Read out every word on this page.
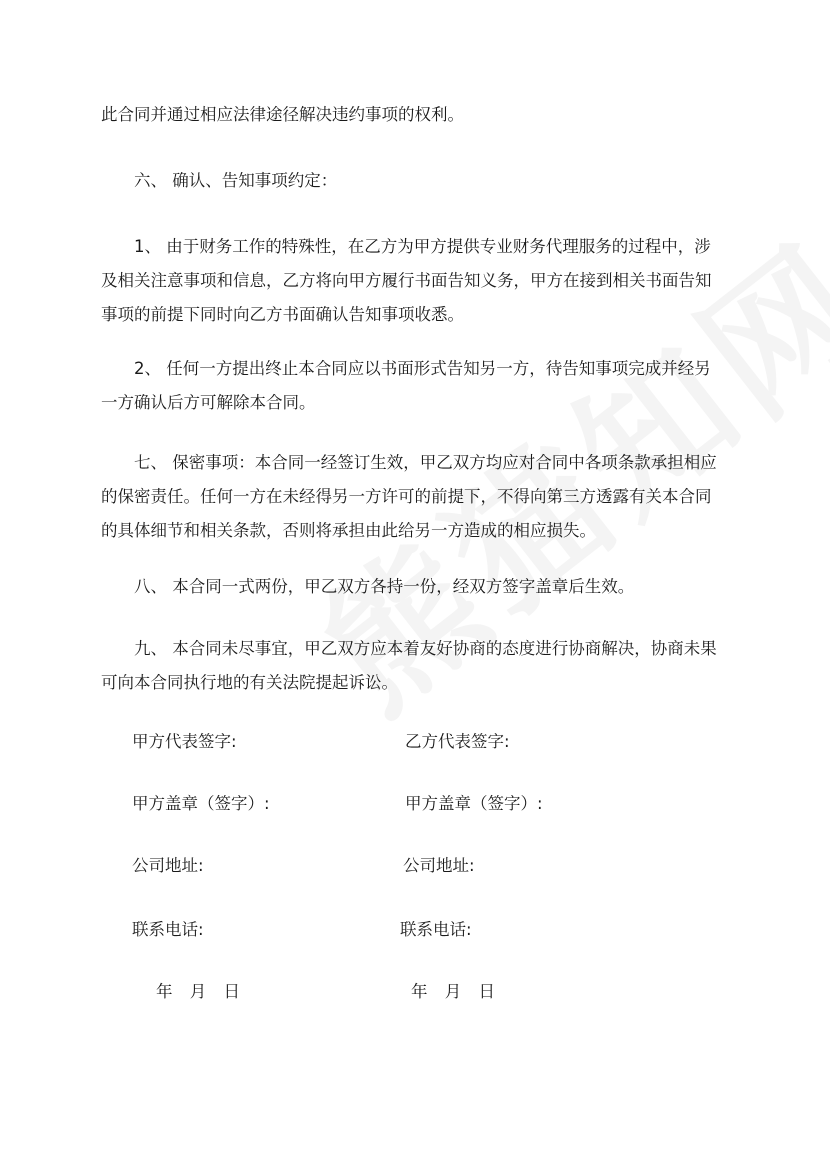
此合同并通过相应法律途径解决违约事项的权利。

六、 确认、告知事项约定：

1、 由于财务工作的特殊性，在乙方为甲方提供专业财务代理服务的过程中，涉

及相关注意事项和信息，乙方将向甲方履行书面告知义务，甲方在接到相关书面告知
事项的前提下同时向乙方书面确认告知事项收悉。

2、 任何一方提出终止本合同应以书面形式告知另一方，待告知事项完成并经另

一方确认后方可解除本合同。

七、 保密事项：本合同一经签订生效，甲乙双方均应对合同中各项条款承担相应

的保密责任。任何一方在未经得另一方许可的前提下，不得向第三方透露有关本合同
的具体细节和相关条款，否则将承担由此给另一方造成的相应损失。

八、 本合同一式两份，甲乙双方各持一份，经双方签字盖章后生效。

九、 本合同未尽事宜，甲乙双方应本着友好协商的态度进行协商解决，协商未果

可向本合同执行地的有关法院提起诉讼。

甲方代表签字:	乙方代表签字:
甲方盖章（签字）:	甲方盖章（签字）:
公司地址:	公司地址:
联系电话:	联系电话:
年 月 日	年 月 日
